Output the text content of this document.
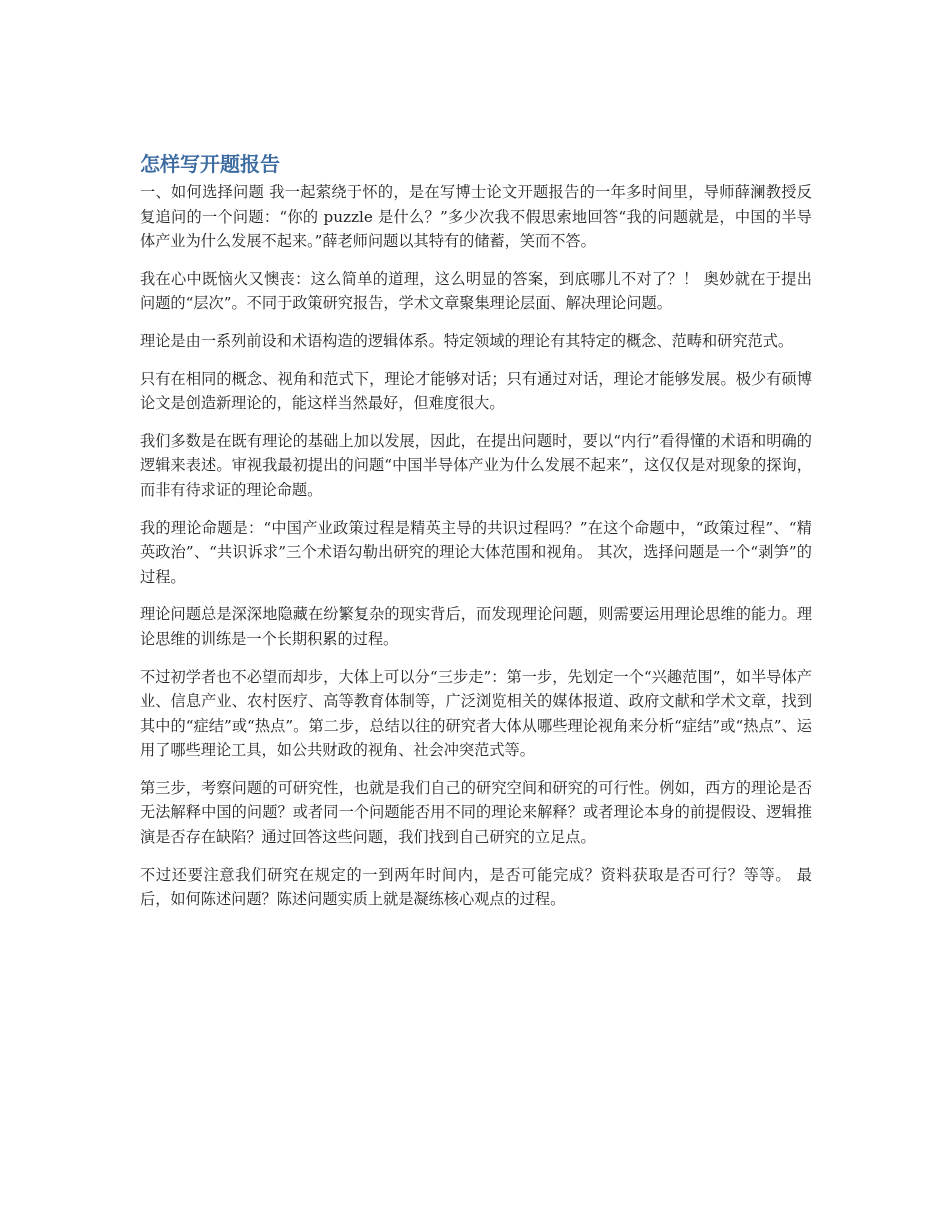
怎样写开题报告

一、如何选择问题 我一起萦绕于怀的，是在写博士论文开题报告的一年多时间里，导师薛澜教授反复追问的一个问题：“你的 puzzle 是什么？”多少次我不假思索地回答“我的问题就是，中国的半导体产业为什么发展不起来。”薛老师问题以其特有的储蓄，笑而不答。

我在心中既恼火又懊丧：这么简单的道理，这么明显的答案，到底哪儿不对了？！ 奥妙就在于提出问题的“层次”。不同于政策研究报告，学术文章聚集理论层面、解决理论问题。

理论是由一系列前设和术语构造的逻辑体系。特定领域的理论有其特定的概念、范畴和研究范式。

只有在相同的概念、视角和范式下，理论才能够对话；只有通过对话，理论才能够发展。极少有硕博论文是创造新理论的，能这样当然最好，但难度很大。

我们多数是在既有理论的基础上加以发展，因此，在提出问题时，要以“内行”看得懂的术语和明确的逻辑来表述。审视我最初提出的问题“中国半导体产业为什么发展不起来”，这仅仅是对现象的探询，而非有待求证的理论命题。

我的理论命题是：“中国产业政策过程是精英主导的共识过程吗？”在这个命题中，“政策过程”、“精英政治”、“共识诉求”三个术语勾勒出研究的理论大体范围和视角。 其次，选择问题是一个“剥笋”的过程。

理论问题总是深深地隐藏在纷繁复杂的现实背后，而发现理论问题，则需要运用理论思维的能力。理论思维的训练是一个长期积累的过程。

不过初学者也不必望而却步，大体上可以分“三步走”：第一步，先划定一个“兴趣范围”，如半导体产业、信息产业、农村医疗、高等教育体制等，广泛浏览相关的媒体报道、政府文献和学术文章，找到其中的“症结”或“热点”。第二步，总结以往的研究者大体从哪些理论视角来分析“症结”或“热点”、运用了哪些理论工具，如公共财政的视角、社会冲突范式等。

第三步，考察问题的可研究性，也就是我们自己的研究空间和研究的可行性。例如，西方的理论是否无法解释中国的问题？或者同一个问题能否用不同的理论来解释？或者理论本身的前提假设、逻辑推演是否存在缺陷？通过回答这些问题，我们找到自己研究的立足点。

不过还要注意我们研究在规定的一到两年时间内，是否可能完成？资料获取是否可行？等等。 最后，如何陈述问题？陈述问题实质上就是凝练核心观点的过程。
